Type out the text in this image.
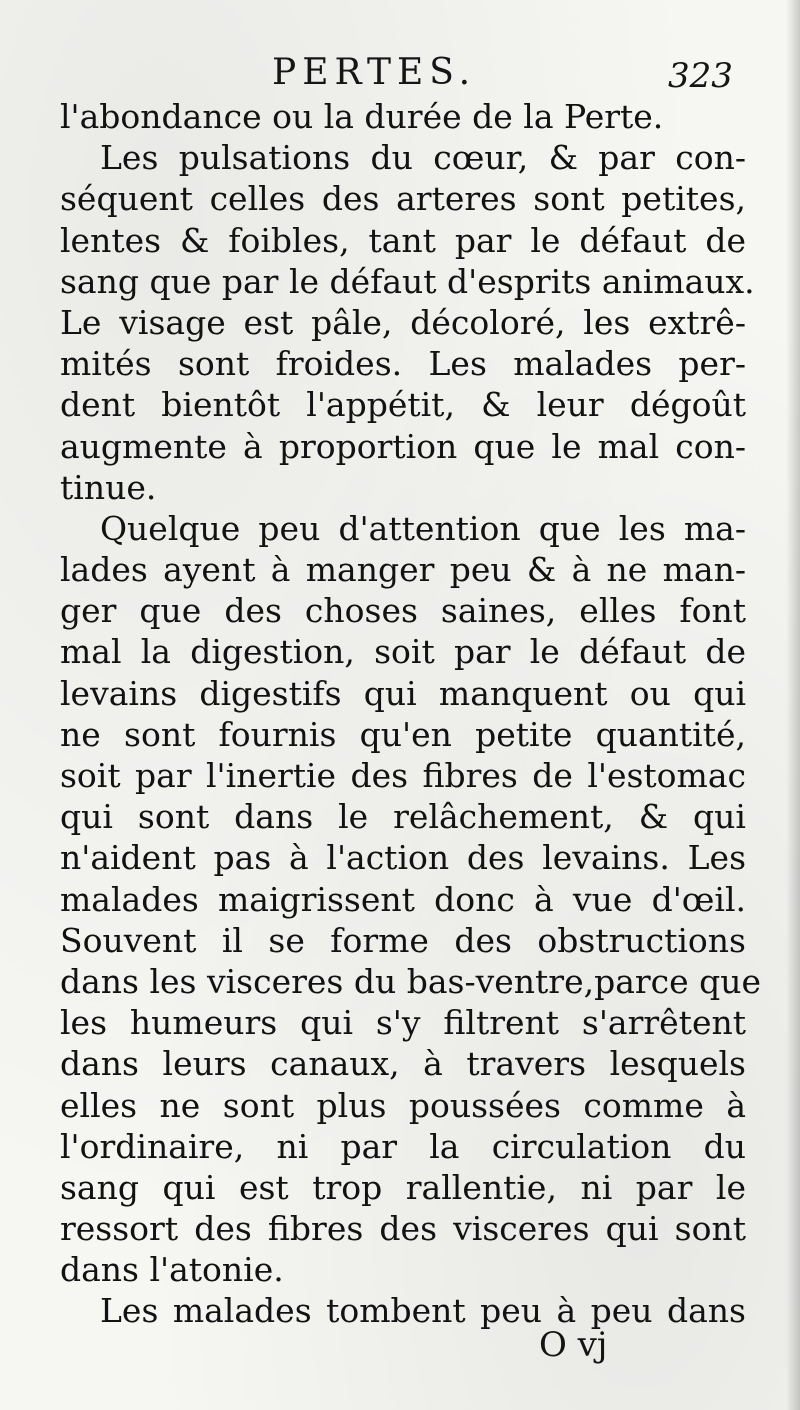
PERTES.	323
l'abondance ou la durée de la Perte.
Les pulsations du cœur, & par con-
séquent celles des arteres sont petites,
lentes & foibles, tant par le défaut de
sang que par le défaut d'esprits animaux.
Le visage est pâle, décoloré, les extrê-
mités sont froides. Les malades per-
dent bientôt l'appétit, & leur dégoût
augmente à proportion que le mal con-
tinue.
Quelque peu d'attention que les ma-
lades ayent à manger peu & à ne man-
ger que des choses saines, elles font
mal la digestion, soit par le défaut de
levains digestifs qui manquent ou qui
ne sont fournis qu'en petite quantité,
soit par l'inertie des fibres de l'estomac
qui sont dans le relâchement, & qui
n'aident pas à l'action des levains. Les
malades maigrissent donc à vue d'œil.
Souvent il se forme des obstructions
dans les visceres du bas-ventre,parce que
les humeurs qui s'y filtrent s'arrêtent
dans leurs canaux, à travers lesquels
elles ne sont plus poussées comme à
l'ordinaire, ni par la circulation du
sang qui est trop rallentie, ni par le
ressort des fibres des visceres qui sont
dans l'atonie.
Les malades tombent peu à peu dans
O vj
